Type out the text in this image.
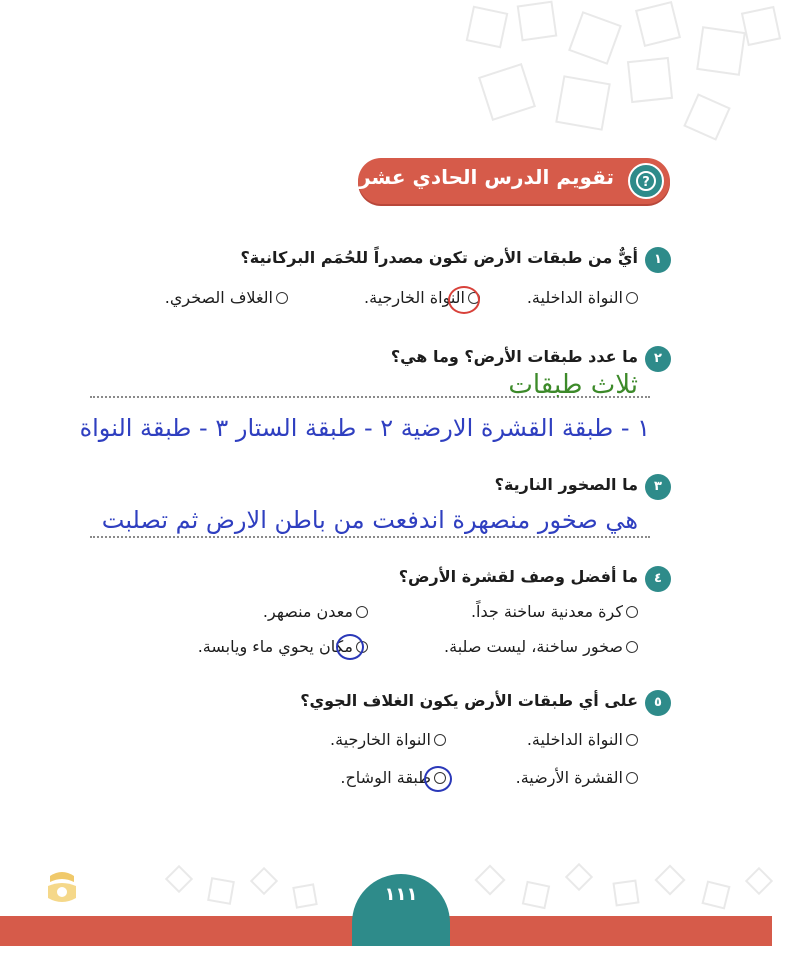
تقويم الدرس الحادي عشر ?
١
أيٌّ من طبقات الأرض تكون مصدراً للحُمَم البركانية؟
النواة الداخلية.
النواة الخارجية.
الغلاف الصخري.
٢
ما عدد طبقات الأرض؟ وما هي؟
ثلاث طبقات
١ - طبقة القشرة الارضية ٢ - طبقة الستار ٣ - طبقة النواة
٣
ما الصخور النارية؟
هي صخور منصهرة اندفعت من باطن الارض ثم تصلبت
٤
ما أفضل وصف لقشرة الأرض؟
كرة معدنية ساخنة جداً.
معدن منصهر.
صخور ساخنة، ليست صلبة.
مكان يحوي ماء ويابسة.
٥
على أي طبقات الأرض يكون الغلاف الجوي؟
النواة الداخلية.
النواة الخارجية.
القشرة الأرضية.
طبقة الوشاح.
١١١
